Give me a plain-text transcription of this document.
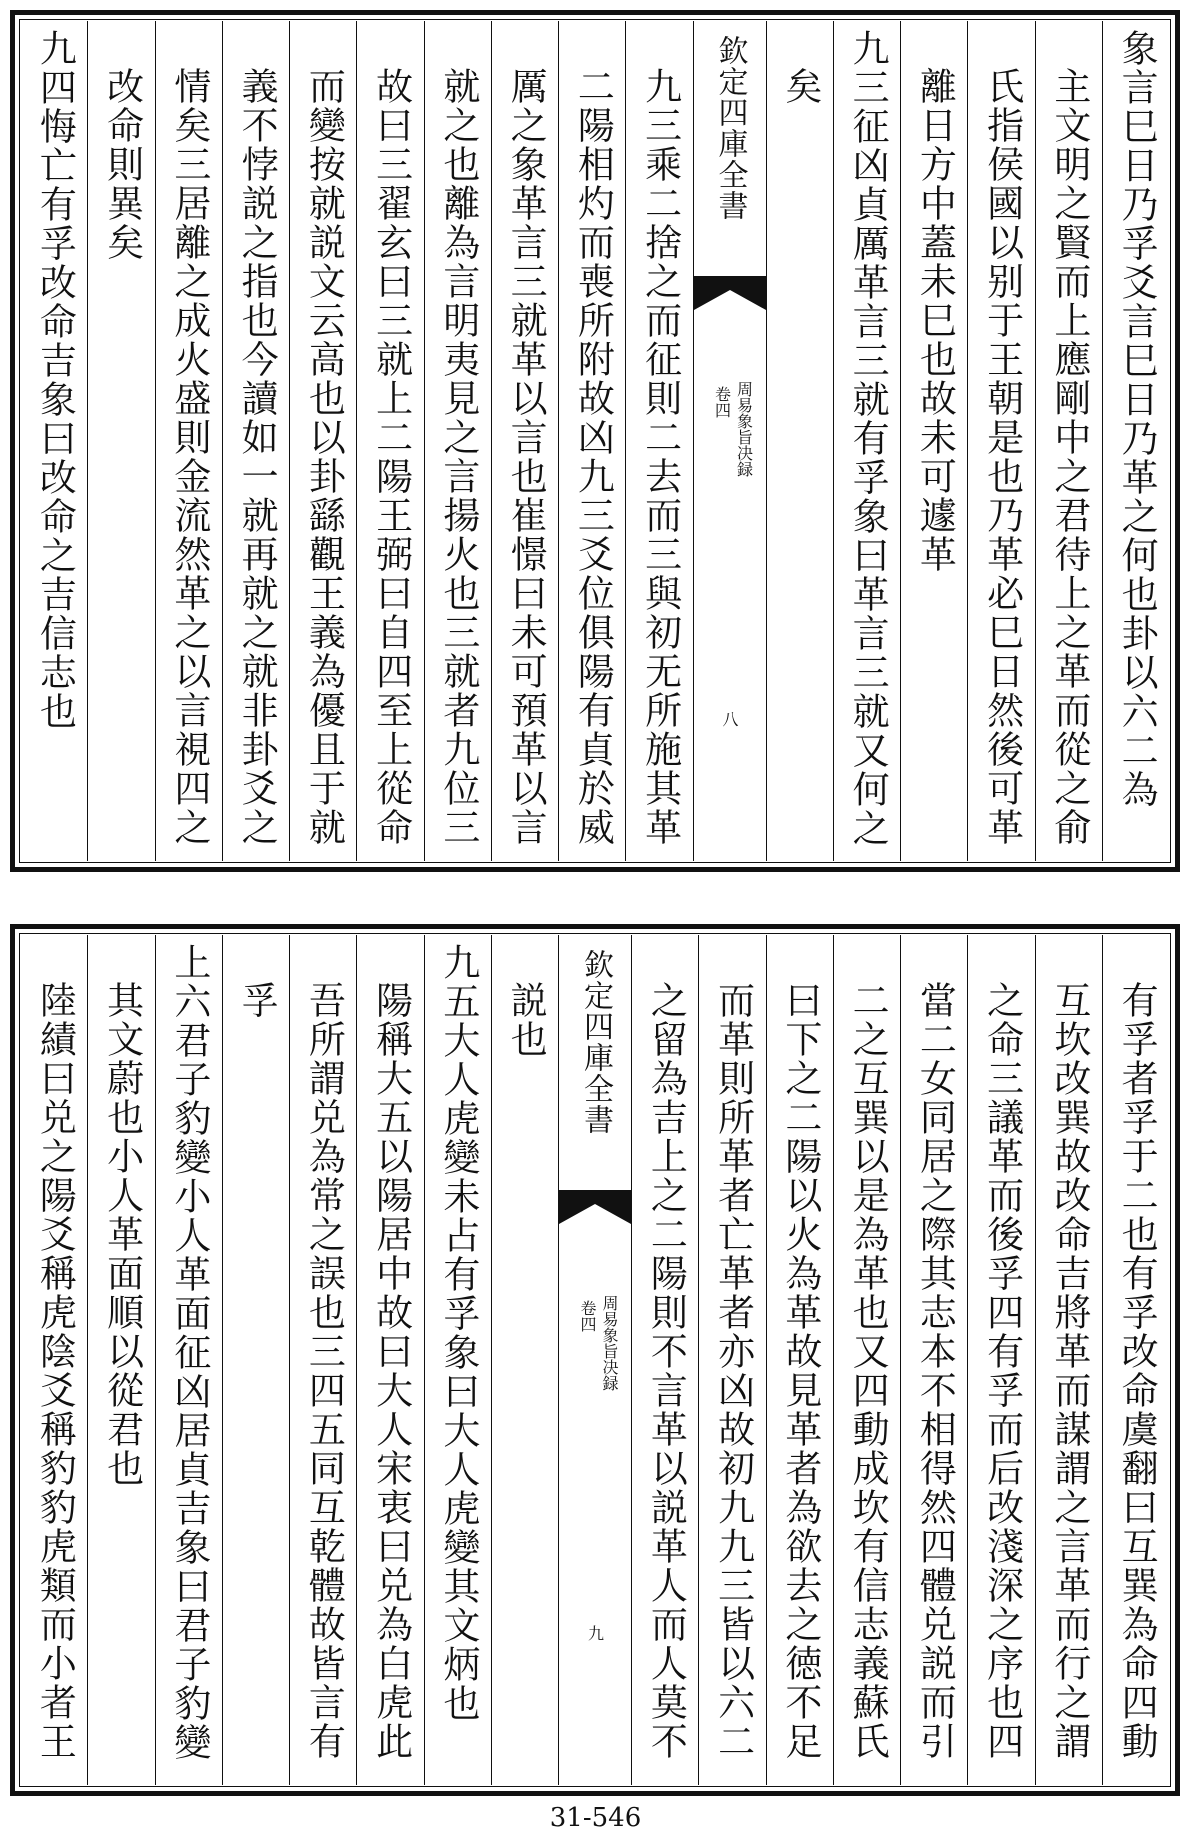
象言巳日乃孚爻言巳日乃革之何也卦以六二為
主文明之賢而上應剛中之君待上之革而從之俞
氏指侯國以别于王朝是也乃革必巳日然後可革
離日方中蓋未巳也故未可遽革
九三征凶貞厲革言三就有孚象曰革言三就又何之
矣
欽定四庫全書
周易象旨决録
卷四
八
九三乘二捨之而征則二去而三與初无所施其革
二陽相灼而喪所附故凶九三爻位俱陽有貞於威
厲之象革言三就革以言也崔憬曰未可預革以言
就之也離為言明夷見之言揚火也三就者九位三
故曰三翟玄曰三就上二陽王弼曰自四至上從命
而變按就説文云高也以卦繇觀王義為優且于就
義不悖説之指也今讀如一就再就之就非卦爻之
情矣三居離之成火盛則金流然革之以言視四之
改命則異矣
九四悔亡有孚改命吉象曰改命之吉信志也
有孚者孚于二也有孚改命虞翻曰互巽為命四動
互坎改巽故改命吉將革而謀謂之言革而行之謂
之命三議革而後孚四有孚而后改淺深之序也四
當二女同居之際其志本不相得然四體兑説而引
二之互巽以是為革也又四動成坎有信志義蘇氏
曰下之二陽以火為革故見革者為欲去之徳不足
而革則所革者亡革者亦凶故初九九三皆以六二
之留為吉上之二陽則不言革以説革人而人莫不
欽定四庫全書
周易象旨决録
卷四
九
説也
九五大人虎變未占有孚象曰大人虎變其文炳也
陽稱大五以陽居中故曰大人宋衷曰兑為白虎此
吾所謂兑為常之誤也三四五同互乾體故皆言有
孚
上六君子豹變小人革面征凶居貞吉象曰君子豹變
其文蔚也小人革面順以從君也
陸績曰兑之陽爻稱虎陰爻稱豹豹虎類而小者王
31-546
